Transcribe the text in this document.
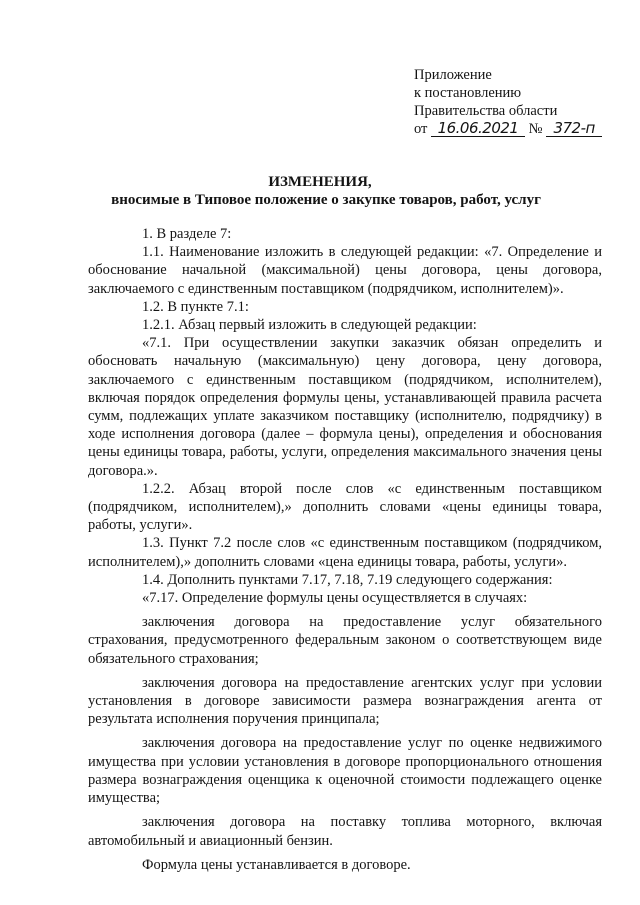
Приложение
к постановлению
Правительства области
от 16.06.2021 № 372-п
ИЗМЕНЕНИЯ,
вносимые в Типовое положение о закупке товаров, работ, услуг

1. В разделе 7:

1.1. Наименование изложить в следующей редакции: «7. Определение и обоснование начальной (максимальной) цены договора, цены договора, заключаемого с единственным поставщиком (подрядчиком, исполнителем)».

1.2. В пункте 7.1:

1.2.1. Абзац первый изложить в следующей редакции:

«7.1. При осуществлении закупки заказчик обязан определить и обосновать начальную (максимальную) цену договора, цену договора, заключаемого с единственным поставщиком (подрядчиком, исполнителем), включая порядок определения формулы цены, устанавливающей правила расчета сумм, подлежащих уплате заказчиком поставщику (исполнителю, подрядчику) в ходе исполнения договора (далее – формула цены), определения и обоснования цены единицы товара, работы, услуги, определения максимального значения цены договора.».

1.2.2. Абзац второй после слов «с единственным поставщиком (подрядчиком, исполнителем),» дополнить словами «цены единицы товара, работы, услуги».

1.3. Пункт 7.2 после слов «с единственным поставщиком (подрядчиком, исполнителем),» дополнить словами «цена единицы товара, работы, услуги».

1.4. Дополнить пунктами 7.17, 7.18, 7.19 следующего содержания:

«7.17. Определение формулы цены осуществляется в случаях:

заключения договора на предоставление услуг обязательного страхования, предусмотренного федеральным законом о соответствующем виде обязательного страхования;

заключения договора на предоставление агентских услуг при условии установления в договоре зависимости размера вознаграждения агента от результата исполнения поручения принципала;

заключения договора на предоставление услуг по оценке недвижимого имущества при условии установления в договоре пропорционального отношения размера вознаграждения оценщика к оценочной стоимости подлежащего оценке имущества;

заключения договора на поставку топлива моторного, включая автомобильный и авиационный бензин.

Формула цены устанавливается в договоре.
